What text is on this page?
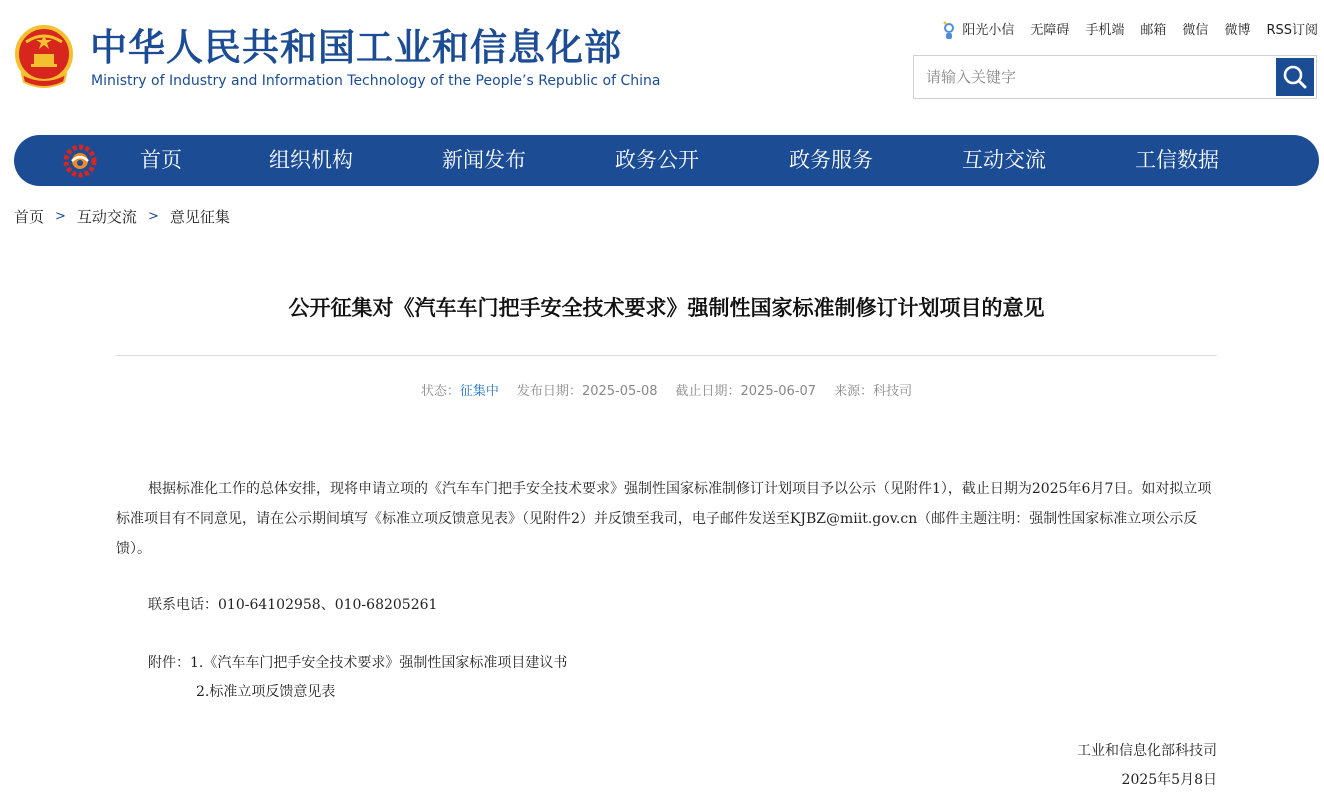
中华人民共和国工业和信息化部
Ministry of Industry and Information Technology of the People’s Republic of China
阳光小信 无障碍 手机端 邮箱 微信 微博 RSS订阅
请输入关键字
首页	组织机构	新闻发布	政务公开	政务服务	互动交流	工信数据
首页 > 互动交流 > 意见征集
公开征集对《汽车车门把手安全技术要求》强制性国家标准制修订计划项目的意见
状态：征集中 发布日期：2025-05-08 截止日期：2025-06-07 来源：科技司

根据标准化工作的总体安排，现将申请立项的《汽车车门把手安全技术要求》强制性国家标准制修订计划项目予以公示（见附件1），截止日期为2025年6月7日。如对拟立项标准项目有不同意见，请在公示期间填写《标准立项反馈意见表》（见附件2）并反馈至我司，电子邮件发送至KJBZ@miit.gov.cn（邮件主题注明：强制性国家标准立项公示反馈）。

联系电话：010-64102958、010-68205261
附件：1.《汽车车门把手安全技术要求》强制性国家标准项目建议书
2.标准立项反馈意见表
工业和信息化部科技司
2025年5月8日
